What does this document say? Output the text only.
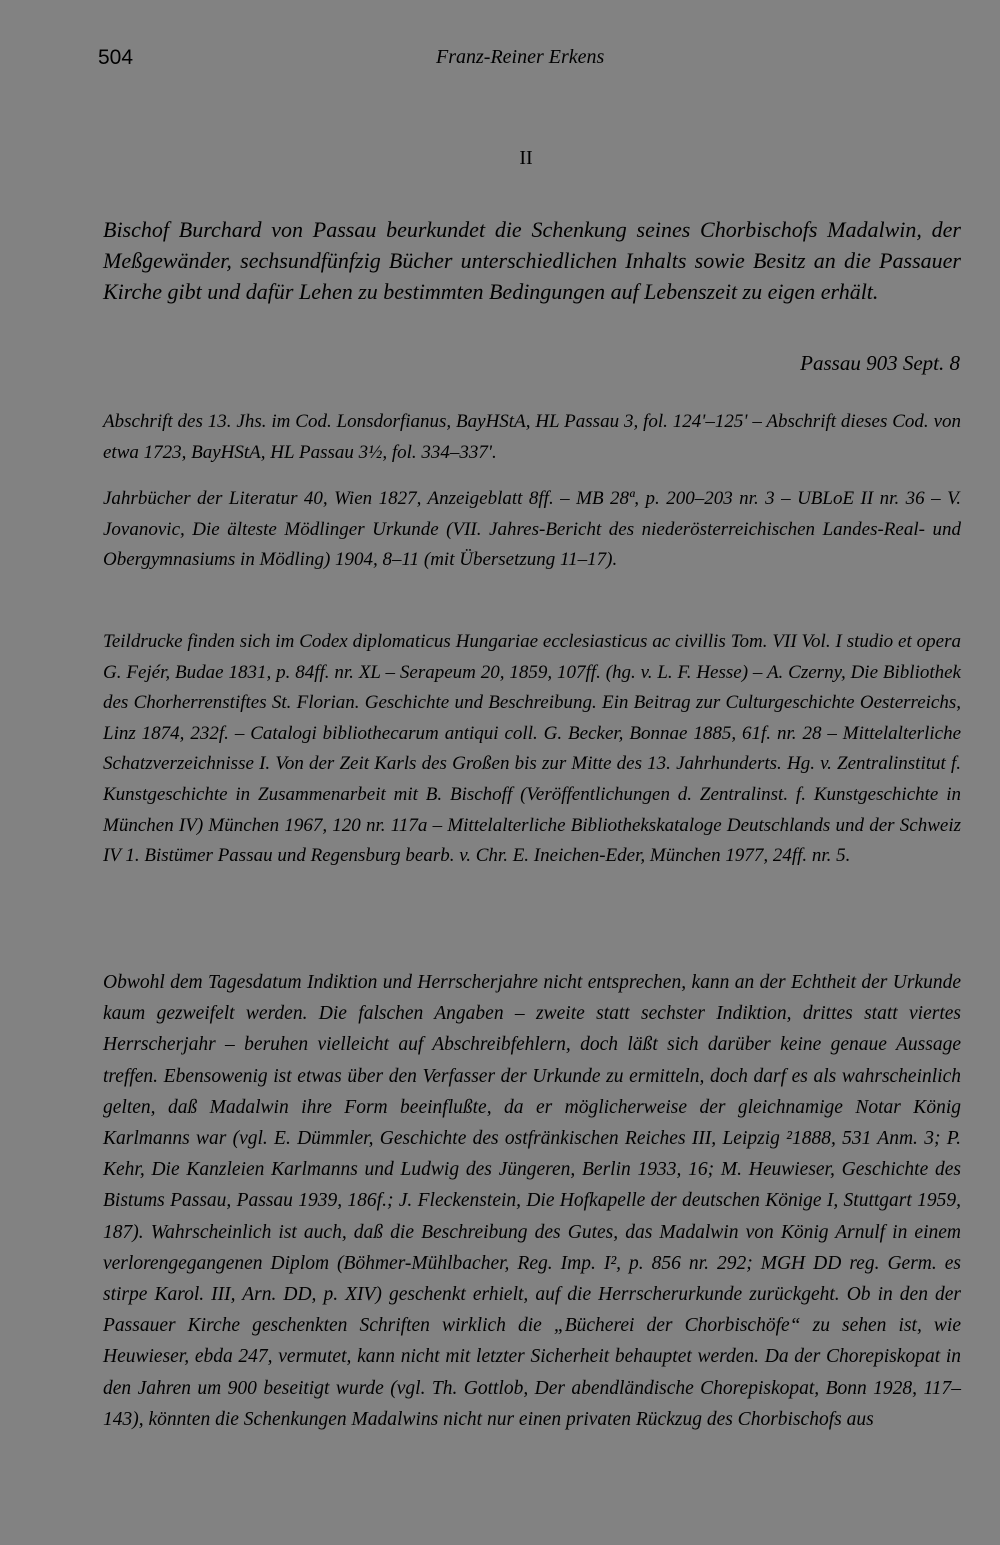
504	Franz-Reiner Erkens
II

Bischof Burchard von Passau beurkundet die Schenkung seines Chorbischofs Madalwin, der Meßgewänder, sechsundfünfzig Bücher unterschiedlichen Inhalts sowie Besitz an die Passauer Kirche gibt und dafür Lehen zu bestimmten Bedingungen auf Lebenszeit zu eigen erhält.

Passau 903 Sept. 8

Abschrift des 13. Jhs. im Cod. Lonsdorfianus, BayHStA, HL Passau 3, fol. 124'–125' – Abschrift dieses Cod. von etwa 1723, BayHStA, HL Passau 3½, fol. 334–337'.

Jahrbücher der Literatur 40, Wien 1827, Anzeigeblatt 8ff. – MB 28ª, p. 200–203 nr. 3 – UBLoE II nr. 36 – V. Jovanovic, Die älteste Mödlinger Urkunde (VII. Jahres-Bericht des niederösterreichischen Landes-Real- und Obergymnasiums in Mödling) 1904, 8–11 (mit Übersetzung 11–17).

Teildrucke finden sich im Codex diplomaticus Hungariae ecclesiasticus ac civillis Tom. VII Vol. I studio et opera G. Fejér, Budae 1831, p. 84ff. nr. XL – Serapeum 20, 1859, 107ff. (hg. v. L. F. Hesse) – A. Czerny, Die Bibliothek des Chorherrenstiftes St. Florian. Geschichte und Beschreibung. Ein Beitrag zur Culturgeschichte Oesterreichs, Linz 1874, 232f. – Catalogi bibliothecarum antiqui coll. G. Becker, Bonnae 1885, 61f. nr. 28 – Mittelalterliche Schatzverzeichnisse I. Von der Zeit Karls des Großen bis zur Mitte des 13. Jahrhunderts. Hg. v. Zentralinstitut f. Kunstgeschichte in Zusammenarbeit mit B. Bischoff (Veröffentlichungen d. Zentralinst. f. Kunstgeschichte in München IV) München 1967, 120 nr. 117a – Mittelalterliche Bibliothekskataloge Deutschlands und der Schweiz IV 1. Bistümer Passau und Regensburg bearb. v. Chr. E. Ineichen-Eder, München 1977, 24ff. nr. 5.

Obwohl dem Tagesdatum Indiktion und Herrscherjahre nicht entsprechen, kann an der Echtheit der Urkunde kaum gezweifelt werden. Die falschen Angaben – zweite statt sechster Indiktion, drittes statt viertes Herrscherjahr – beruhen vielleicht auf Abschreibfehlern, doch läßt sich darüber keine genaue Aussage treffen. Ebensowenig ist etwas über den Verfasser der Urkunde zu ermitteln, doch darf es als wahrscheinlich gelten, daß Madalwin ihre Form beeinflußte, da er möglicherweise der gleichnamige Notar König Karlmanns war (vgl. E. Dümmler, Geschichte des ostfränkischen Reiches III, Leipzig ²1888, 531 Anm. 3; P. Kehr, Die Kanzleien Karlmanns und Ludwig des Jüngeren, Berlin 1933, 16; M. Heuwieser, Geschichte des Bistums Passau, Passau 1939, 186f.; J. Fleckenstein, Die Hofkapelle der deutschen Könige I, Stuttgart 1959, 187). Wahrscheinlich ist auch, daß die Beschreibung des Gutes, das Madalwin von König Arnulf in einem verlorengegangenen Diplom (Böhmer-Mühlbacher, Reg. Imp. I², p. 856 nr. 292; MGH DD reg. Germ. es stirpe Karol. III, Arn. DD, p. XIV) geschenkt erhielt, auf die Herrscherurkunde zurückgeht. Ob in den der Passauer Kirche geschenkten Schriften wirklich die „Bücherei der Chorbischöfe“ zu sehen ist, wie Heuwieser, ebda 247, vermutet, kann nicht mit letzter Sicherheit behauptet werden. Da der Chorepiskopat in den Jahren um 900 beseitigt wurde (vgl. Th. Gottlob, Der abendländische Chorepiskopat, Bonn 1928, 117–143), könnten die Schenkungen Madalwins nicht nur einen privaten Rückzug des Chorbischofs aus
